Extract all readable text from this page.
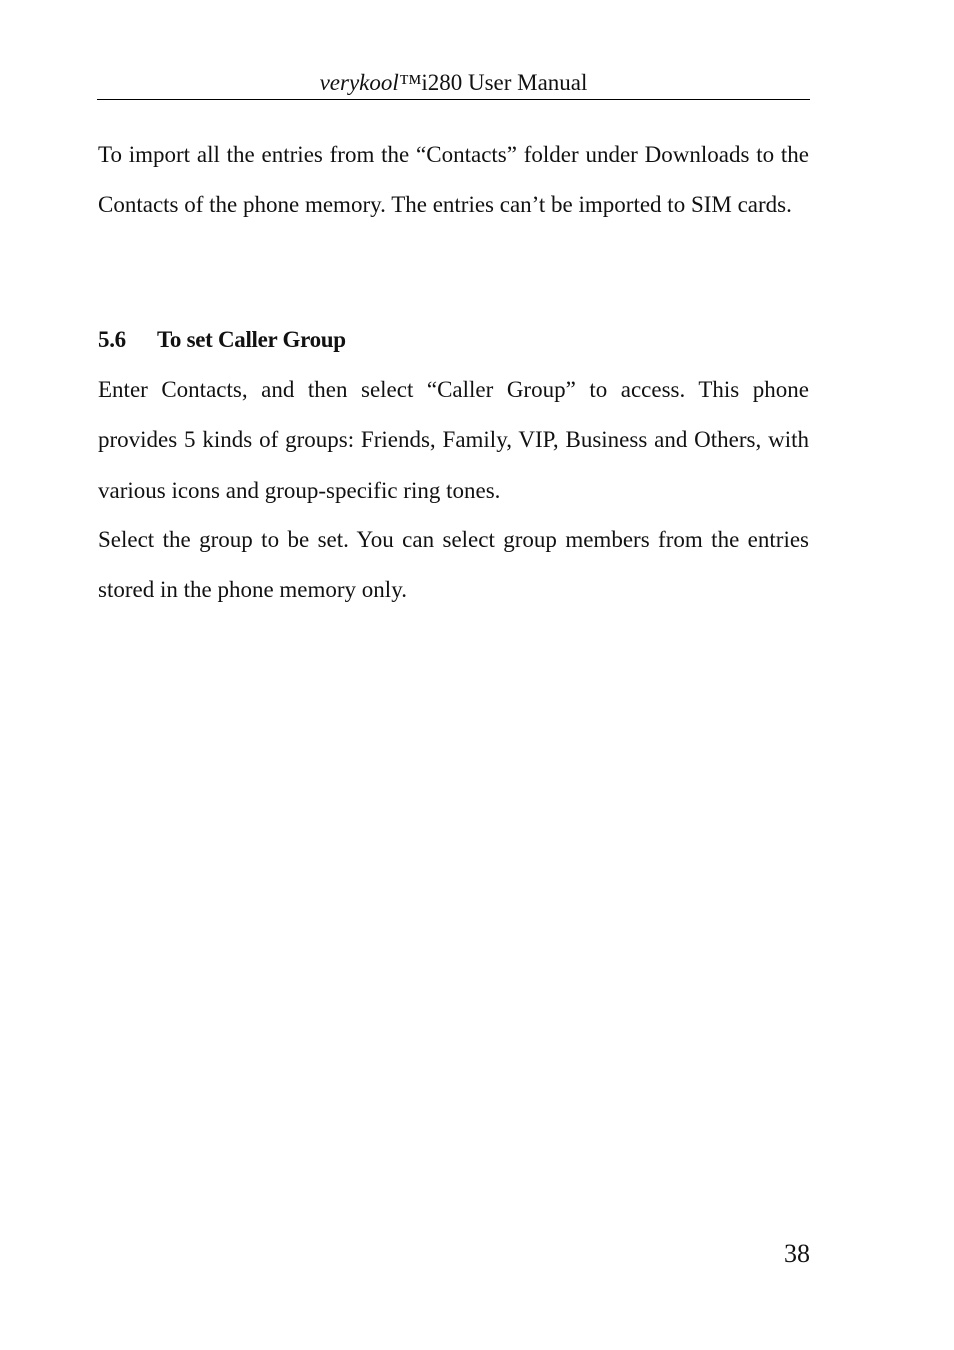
verykool™i280 User Manual

To import all the entries from the “Contacts” folder under Downloads to the Contacts of the phone memory. The entries can’t be imported to SIM cards.

5.6 To set Caller Group

Enter Contacts, and then select “Caller Group” to access. This phone provides 5 kinds of groups: Friends, Family, VIP, Business and Others, with various icons and group-specific ring tones.

Select the group to be set. You can select group members from the entries stored in the phone memory only.

38
